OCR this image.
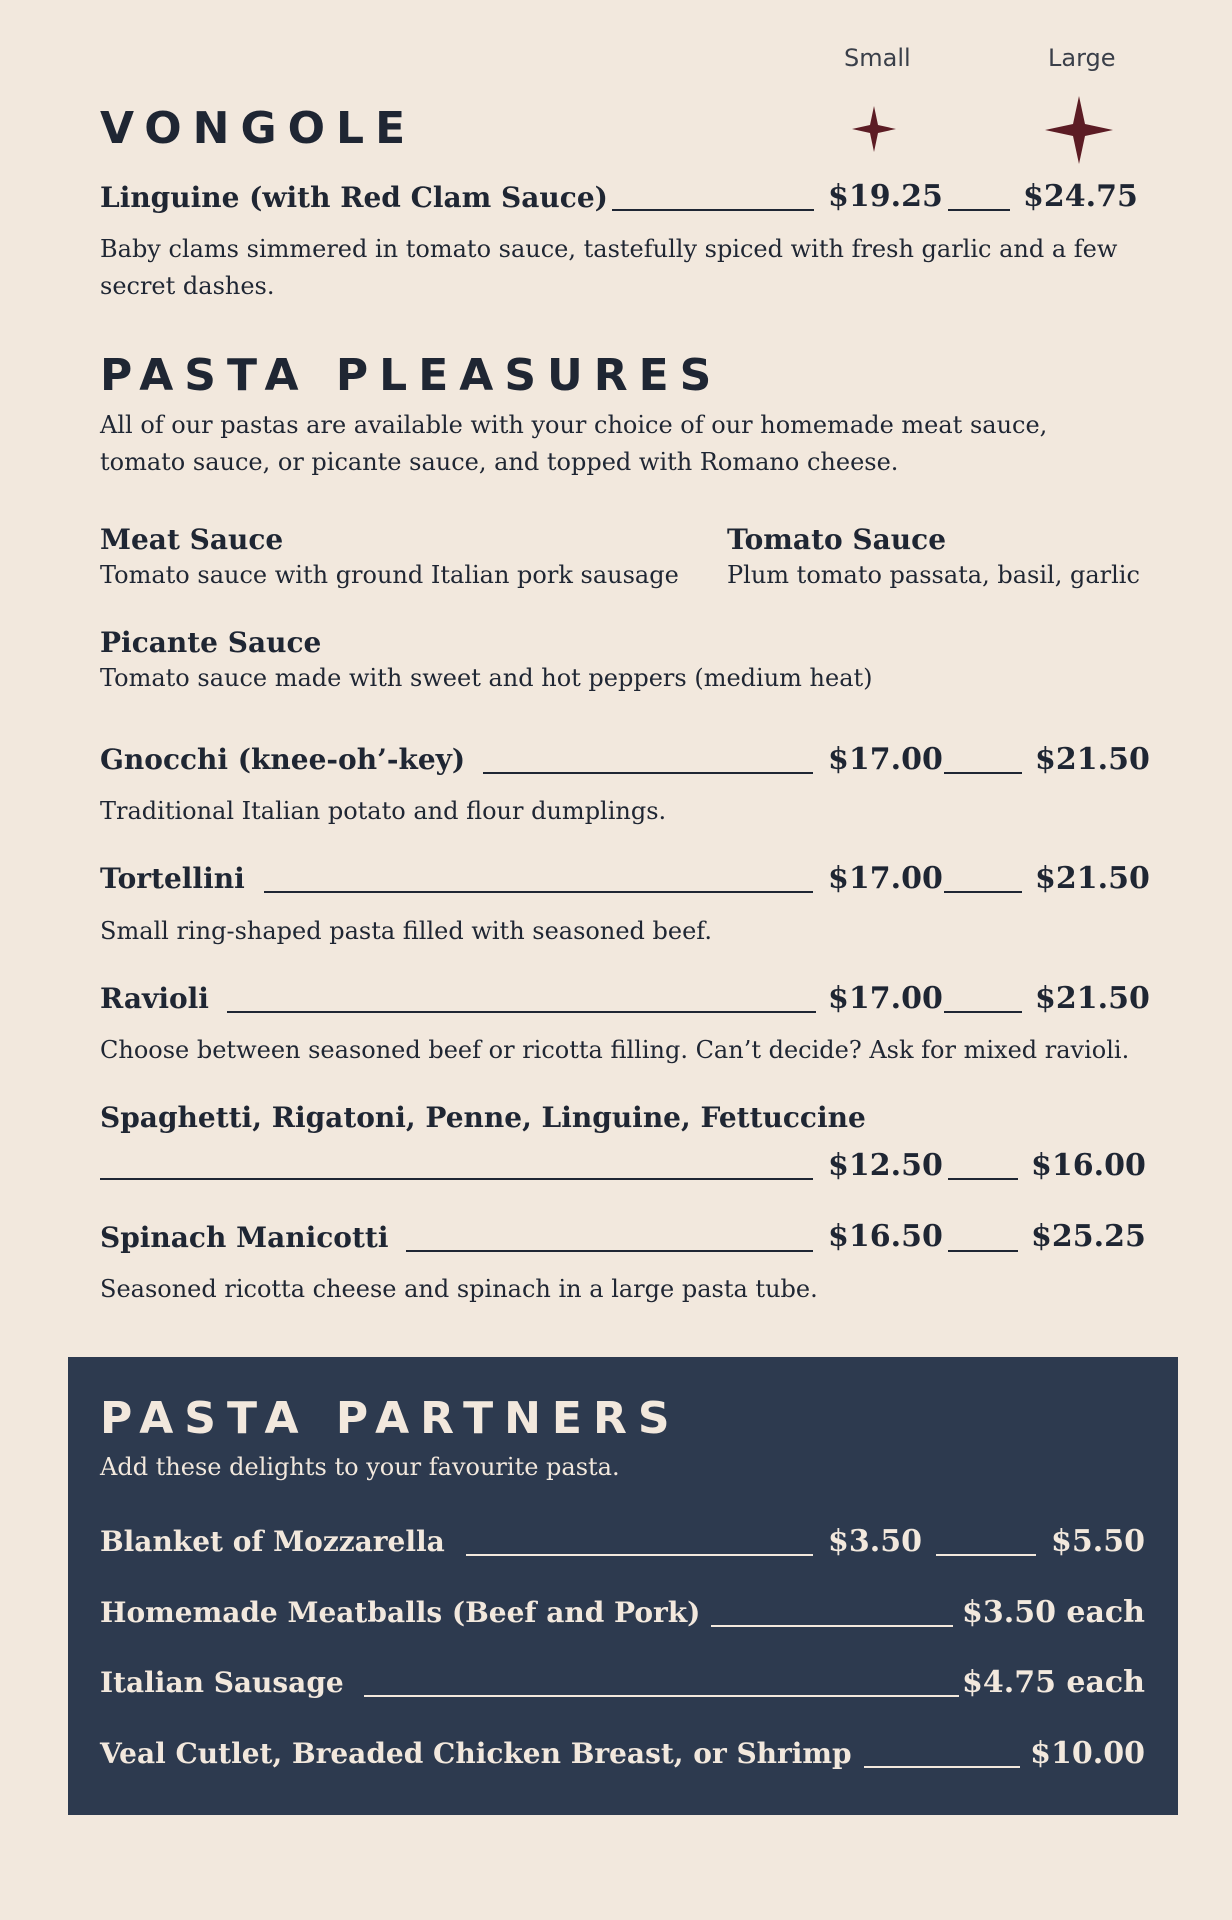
Small	Large
VONGOLE
Linguine (with Red Clam Sauce)	$19.25	$24.75
Baby clams simmered in tomato sauce, tastefully spiced with fresh garlic and a few secret dashes.
PASTA PLEASURES
All of our pastas are available with your choice of our homemade meat sauce, tomato sauce, or picante sauce, and topped with Romano cheese.
Meat Sauce
Tomato sauce with ground Italian pork sausage
Tomato Sauce
Plum tomato passata, basil, garlic
Picante Sauce
Tomato sauce made with sweet and hot peppers (medium heat)
Gnocchi (knee-oh’-key)	$17.00	$21.50
Traditional Italian potato and flour dumplings.
Tortellini	$17.00	$21.50
Small ring-shaped pasta filled with seasoned beef.
Ravioli	$17.00	$21.50
Choose between seasoned beef or ricotta filling. Can’t decide? Ask for mixed ravioli.
Spaghetti, Rigatoni, Penne, Linguine, Fettuccine
$12.50	$16.00
Spinach Manicotti	$16.50	$25.25
Seasoned ricotta cheese and spinach in a large pasta tube.
PASTA PARTNERS
Add these delights to your favourite pasta.
Blanket of Mozzarella	$3.50	$5.50
Homemade Meatballs (Beef and Pork)	$3.50 each
Italian Sausage	$4.75 each
Veal Cutlet, Breaded Chicken Breast, or Shrimp	$10.00
